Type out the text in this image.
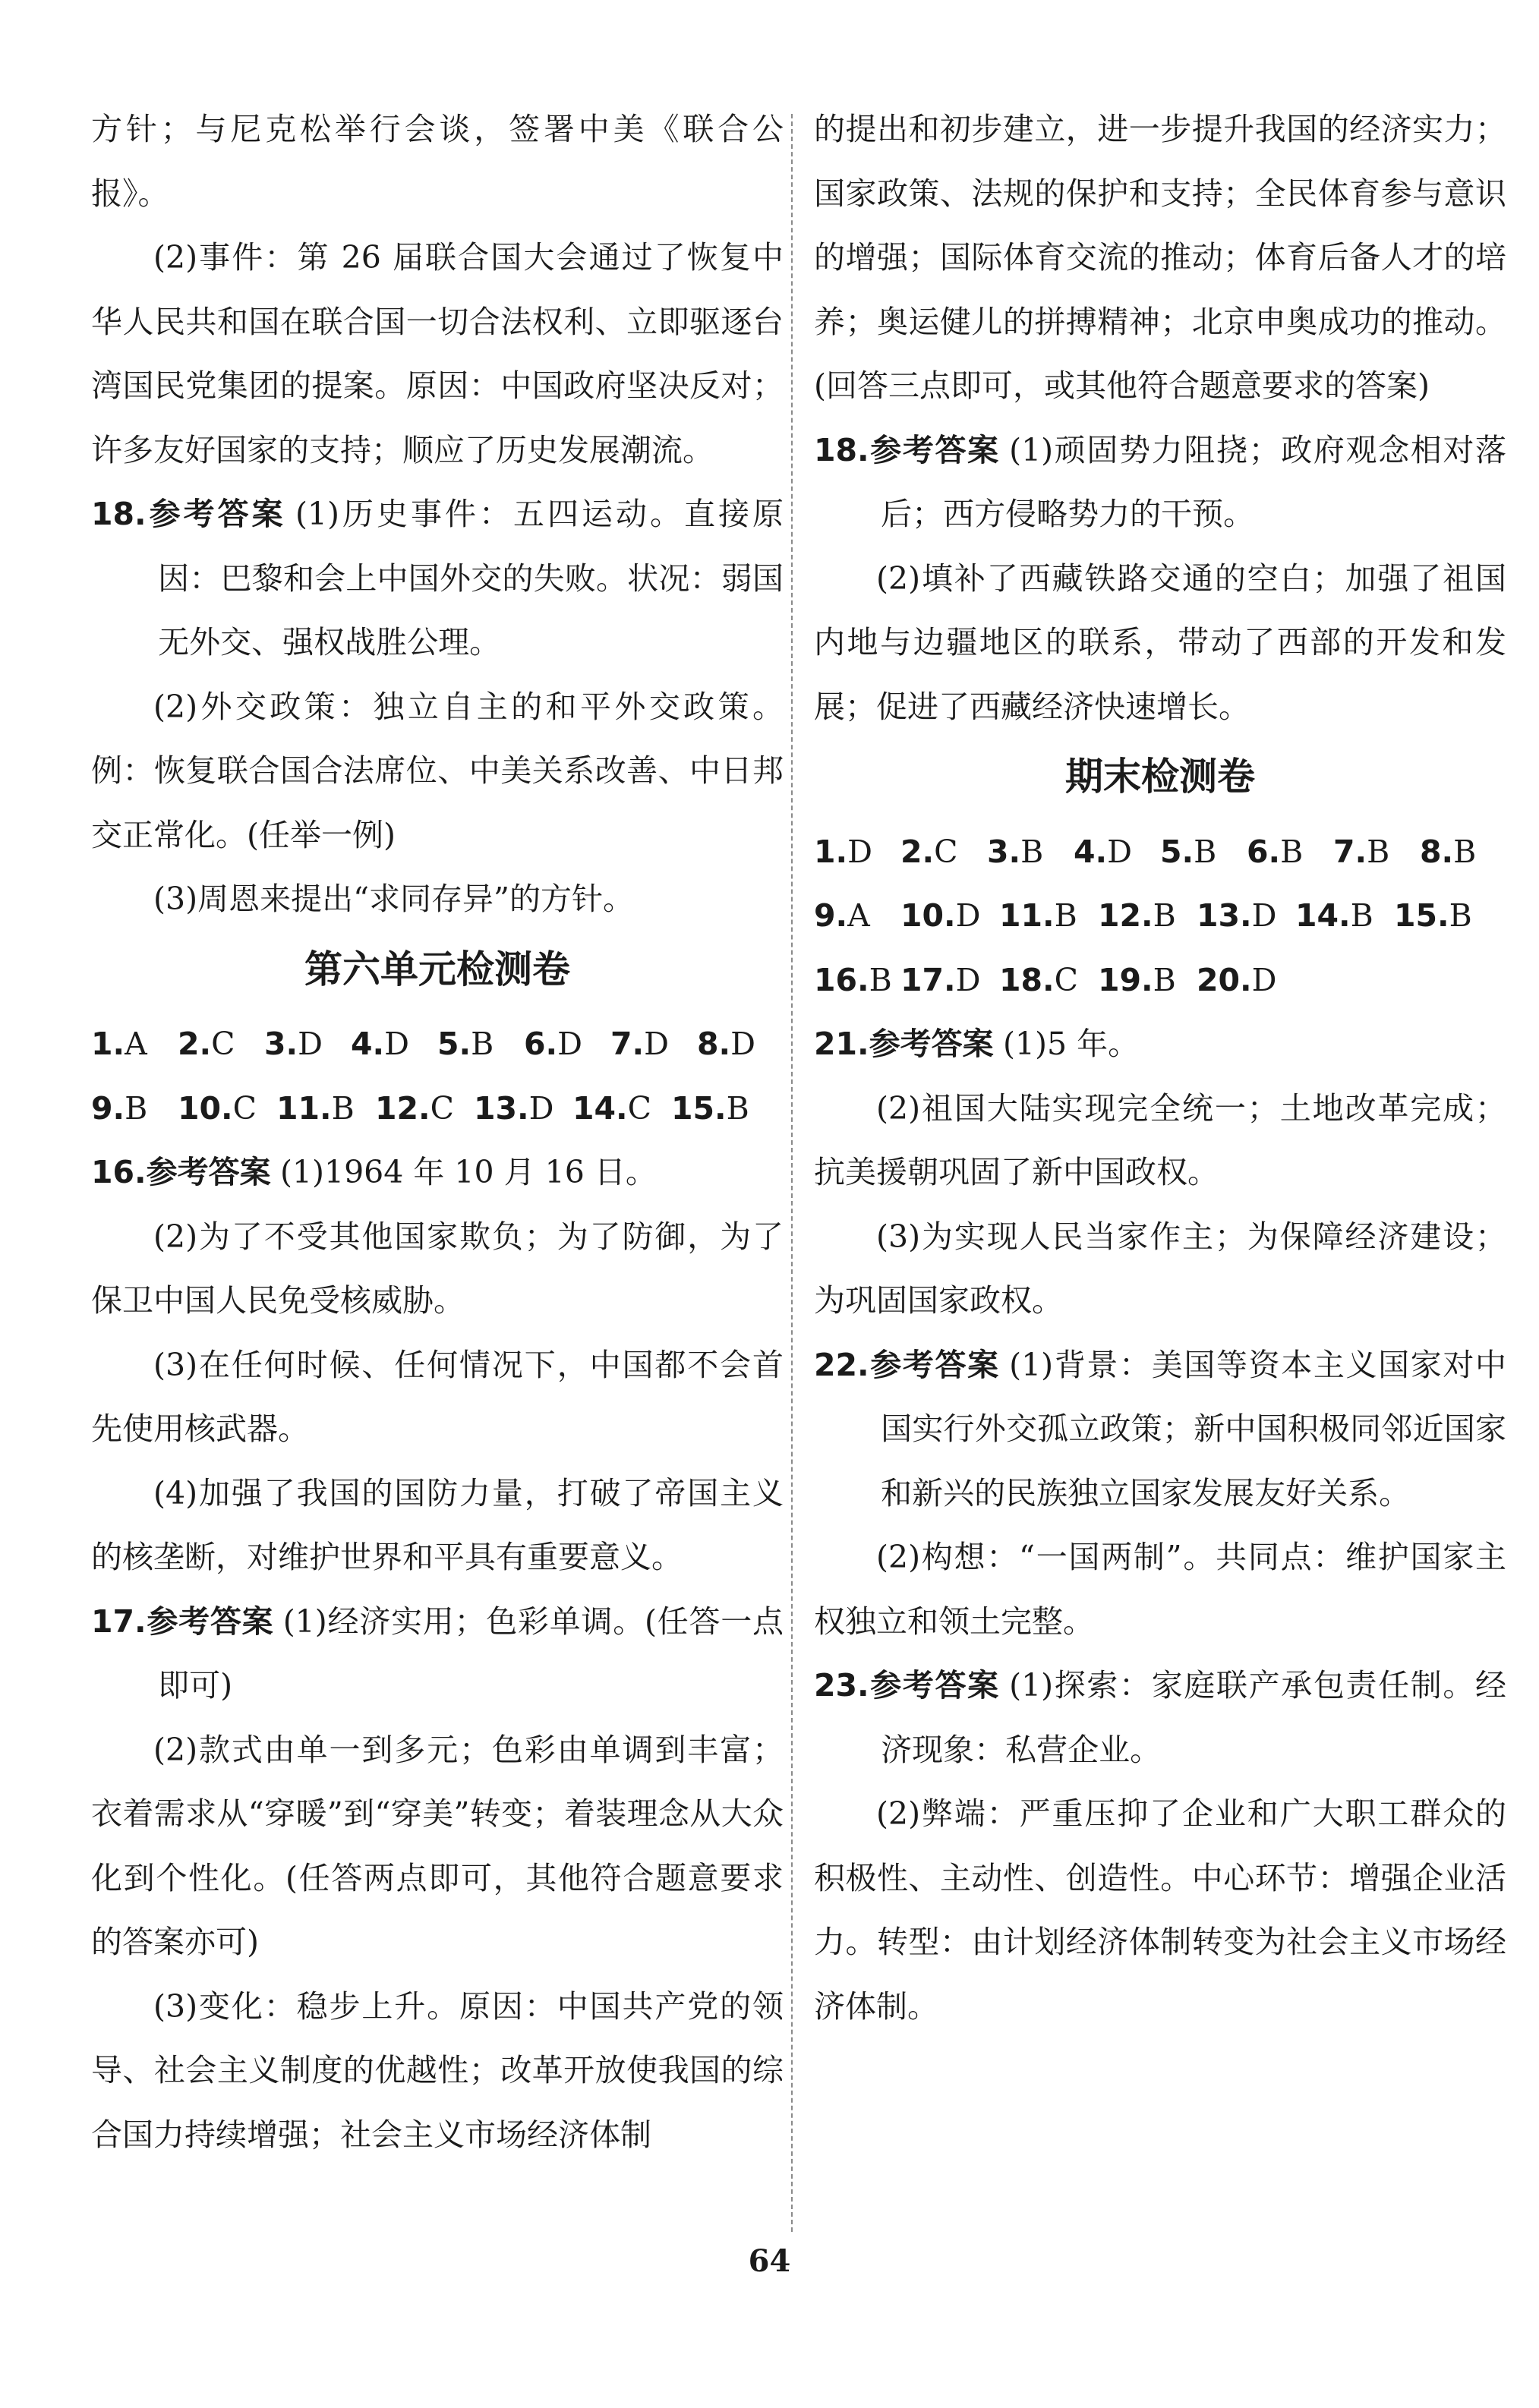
方针；与尼克松举行会谈，签署中美《联合公报》。

(2)事件：第 26 届联合国大会通过了恢复中华人民共和国在联合国一切合法权利、立即驱逐台湾国民党集团的提案。原因：中国政府坚决反对；许多友好国家的支持；顺应了历史发展潮流。

18.参考答案 (1)历史事件：五四运动。直接原因：巴黎和会上中国外交的失败。状况：弱国无外交、强权战胜公理。

(2)外交政策：独立自主的和平外交政策。例：恢复联合国合法席位、中美关系改善、中日邦交正常化。(任举一例)

(3)周恩来提出“求同存异”的方针。

第六单元检测卷

1.A 2.C 3.D 4.D 5.B 6.D 7.D 8.D

9.B 10.C 11.B 12.C 13.D 14.C 15.B

16.参考答案 (1)1964 年 10 月 16 日。

(2)为了不受其他国家欺负；为了防御，为了保卫中国人民免受核威胁。

(3)在任何时候、任何情况下，中国都不会首先使用核武器。

(4)加强了我国的国防力量，打破了帝国主义的核垄断，对维护世界和平具有重要意义。

17.参考答案 (1)经济实用；色彩单调。(任答一点即可)

(2)款式由单一到多元；色彩由单调到丰富；衣着需求从“穿暖”到“穿美”转变；着装理念从大众化到个性化。(任答两点即可，其他符合题意要求的答案亦可)

(3)变化：稳步上升。原因：中国共产党的领导、社会主义制度的优越性；改革开放使我国的综合国力持续增强；社会主义市场经济体制

的提出和初步建立，进一步提升我国的经济实力；国家政策、法规的保护和支持；全民体育参与意识的增强；国际体育交流的推动；体育后备人才的培养；奥运健儿的拼搏精神；北京申奥成功的推动。(回答三点即可，或其他符合题意要求的答案)

18.参考答案 (1)顽固势力阻挠；政府观念相对落后；西方侵略势力的干预。

(2)填补了西藏铁路交通的空白；加强了祖国内地与边疆地区的联系，带动了西部的开发和发展；促进了西藏经济快速增长。

期末检测卷

1.D 2.C 3.B 4.D 5.B 6.B 7.B 8.B

9.A 10.D 11.B 12.B 13.D 14.B 15.B

16.B 17.D 18.C 19.B 20.D

21.参考答案 (1)5 年。

(2)祖国大陆实现完全统一；土地改革完成；抗美援朝巩固了新中国政权。

(3)为实现人民当家作主；为保障经济建设；为巩固国家政权。

22.参考答案 (1)背景：美国等资本主义国家对中国实行外交孤立政策；新中国积极同邻近国家和新兴的民族独立国家发展友好关系。

(2)构想：“一国两制”。共同点：维护国家主权独立和领土完整。

23.参考答案 (1)探索：家庭联产承包责任制。经济现象：私营企业。

(2)弊端：严重压抑了企业和广大职工群众的积极性、主动性、创造性。中心环节：增强企业活力。转型：由计划经济体制转变为社会主义市场经济体制。

64
